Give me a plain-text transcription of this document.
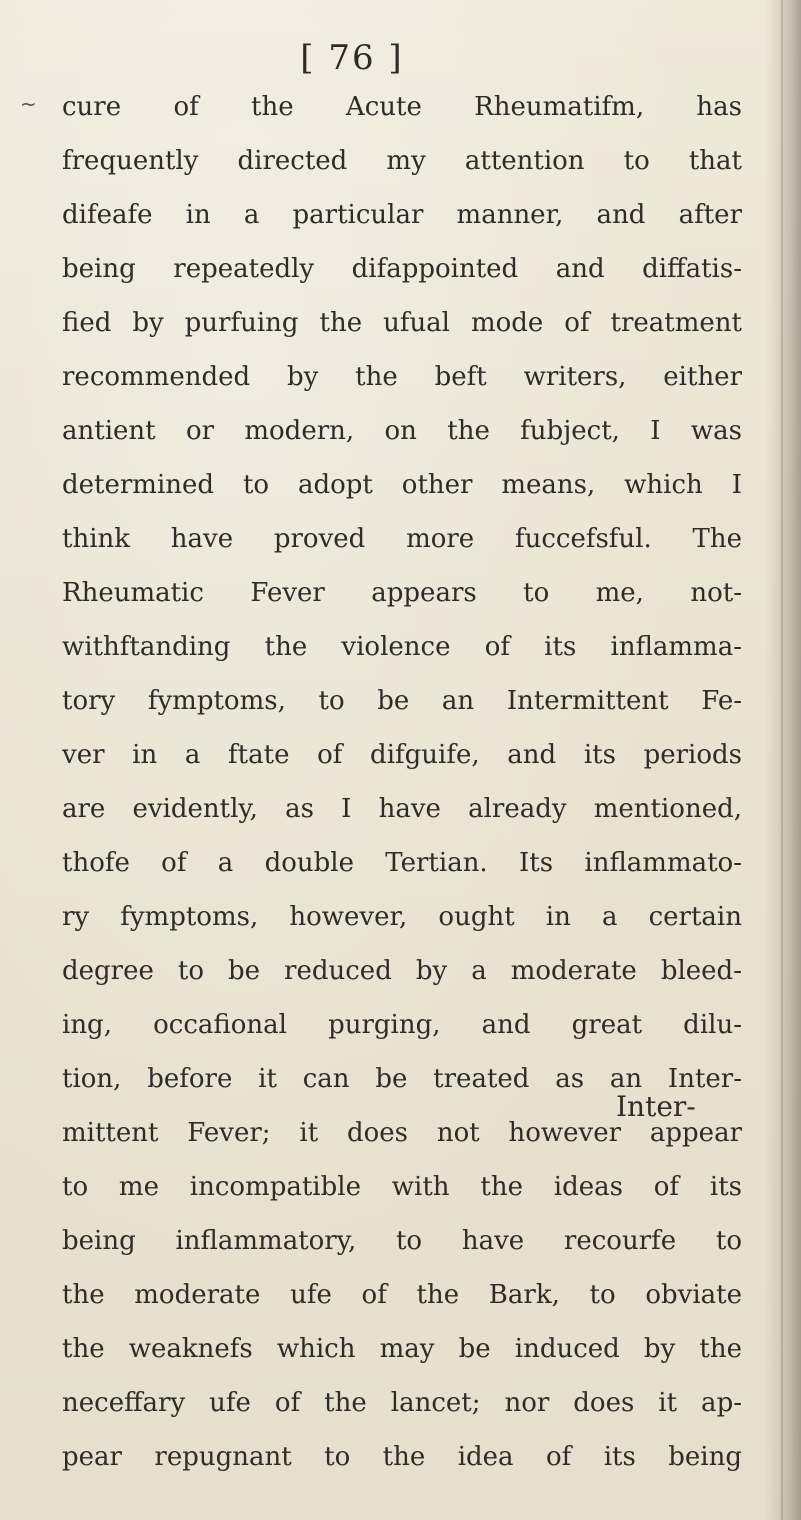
~
[ 76 ]
cure of the Acute Rheumatifm, has
frequently directed my attention to that
difeafe in a particular manner, and after
being repeatedly difappointed and diffatis-
fied by purfuing the ufual mode of treatment
recommended by the beft writers, either
antient or modern, on the fubject, I was
determined to adopt other means, which I
think have proved more fuccefsful. The
Rheumatic Fever appears to me, not-
withftanding the violence of its inflamma-
tory fymptoms, to be an Intermittent Fe-
ver in a ftate of difguife, and its periods
are evidently, as I have already mentioned,
thofe of a double Tertian. Its inflammato-
ry fymptoms, however, ought in a certain
degree to be reduced by a moderate bleed-
ing, occafional purging, and great dilu-
tion, before it can be treated as an Inter-
mittent Fever; it does not however appear
to me incompatible with the ideas of its
being inflammatory, to have recourfe to
the moderate ufe of the Bark, to obviate
the weaknefs which may be induced by the
neceffary ufe of the lancet; nor does it ap-
pear repugnant to the idea of its being
Inter-
